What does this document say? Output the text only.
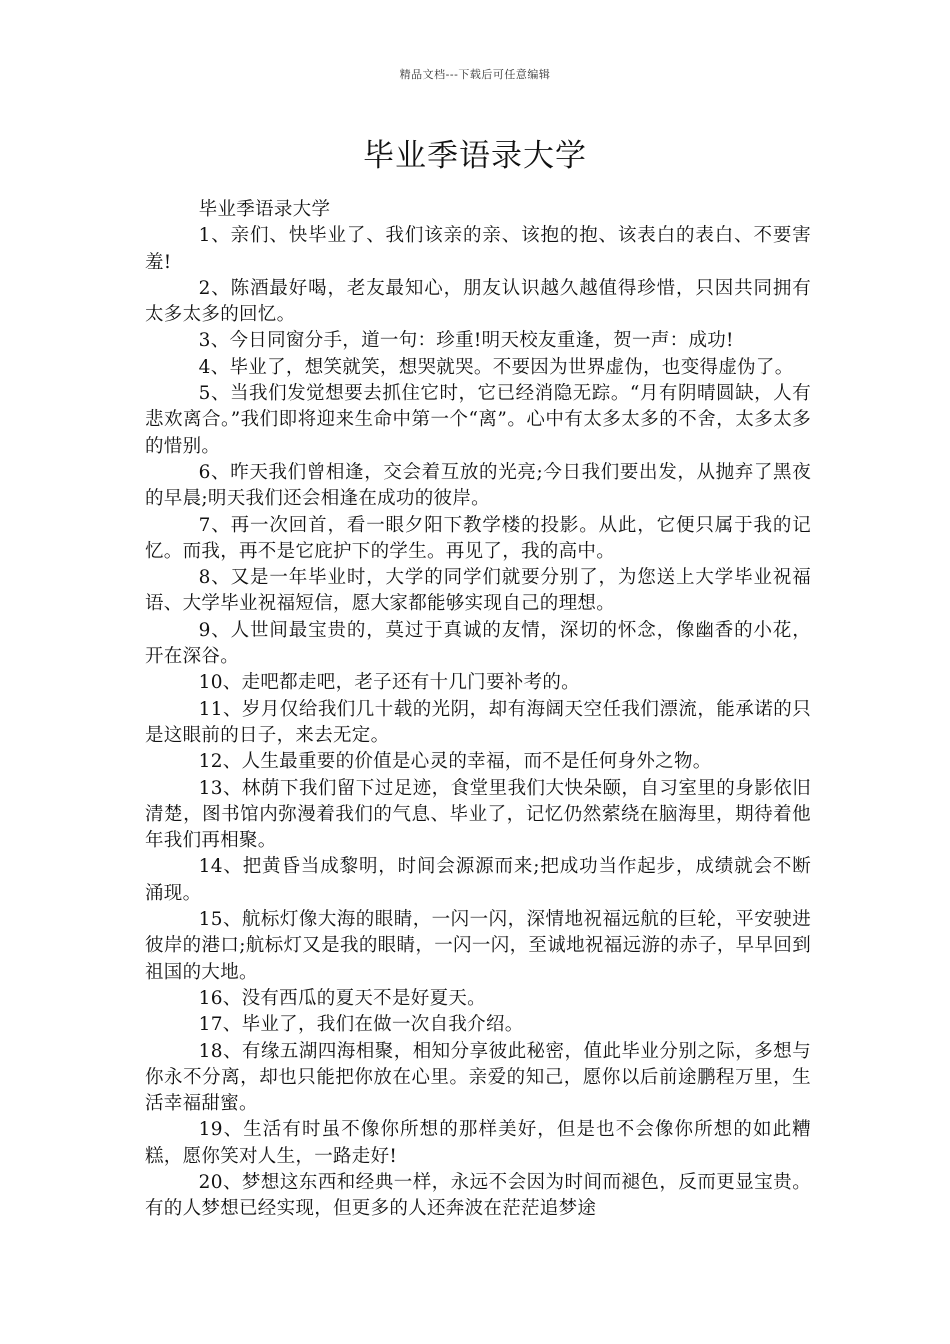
精品文档---下载后可任意编辑
毕业季语录大学

毕业季语录大学

1、亲们、快毕业了、我们该亲的亲、该抱的抱、该表白的表白、不要害羞!

2、陈酒最好喝，老友最知心，朋友认识越久越值得珍惜，只因共同拥有太多太多的回忆。

3、今日同窗分手，道一句：珍重!明天校友重逢，贺一声：成功!

4、毕业了，想笑就笑，想哭就哭。不要因为世界虚伪，也变得虚伪了。

5、当我们发觉想要去抓住它时，它已经消隐无踪。“月有阴晴圆缺，人有悲欢离合。”我们即将迎来生命中第一个“离”。心中有太多太多的不舍，太多太多的惜别。

6、昨天我们曾相逢，交会着互放的光亮;今日我们要出发，从抛弃了黑夜的早晨;明天我们还会相逢在成功的彼岸。

7、再一次回首，看一眼夕阳下教学楼的投影。从此，它便只属于我的记忆。而我，再不是它庇护下的学生。再见了，我的高中。

8、又是一年毕业时，大学的同学们就要分别了，为您送上大学毕业祝福语、大学毕业祝福短信，愿大家都能够实现自己的理想。

9、人世间最宝贵的，莫过于真诚的友情，深切的怀念，像幽香的小花，开在深谷。

10、走吧都走吧，老子还有十几门要补考的。

11、岁月仅给我们几十载的光阴，却有海阔天空任我们漂流，能承诺的只是这眼前的日子，来去无定。

12、人生最重要的价值是心灵的幸福，而不是任何身外之物。

13、林荫下我们留下过足迹，食堂里我们大快朵颐，自习室里的身影依旧清楚，图书馆内弥漫着我们的气息、毕业了，记忆仍然萦绕在脑海里，期待着他年我们再相聚。

14、把黄昏当成黎明，时间会源源而来;把成功当作起步，成绩就会不断涌现。

15、航标灯像大海的眼睛，一闪一闪，深情地祝福远航的巨轮，平安驶进彼岸的港口;航标灯又是我的眼睛，一闪一闪，至诚地祝福远游的赤子，早早回到祖国的大地。

16、没有西瓜的夏天不是好夏天。

17、毕业了，我们在做一次自我介绍。

18、有缘五湖四海相聚，相知分享彼此秘密，值此毕业分别之际，多想与你永不分离，却也只能把你放在心里。亲爱的知己，愿你以后前途鹏程万里，生活幸福甜蜜。

19、生活有时虽不像你所想的那样美好，但是也不会像你所想的如此糟糕，愿你笑对人生，一路走好!

20、梦想这东西和经典一样，永远不会因为时间而褪色，反而更显宝贵。有的人梦想已经实现，但更多的人还奔波在茫茫追梦途
